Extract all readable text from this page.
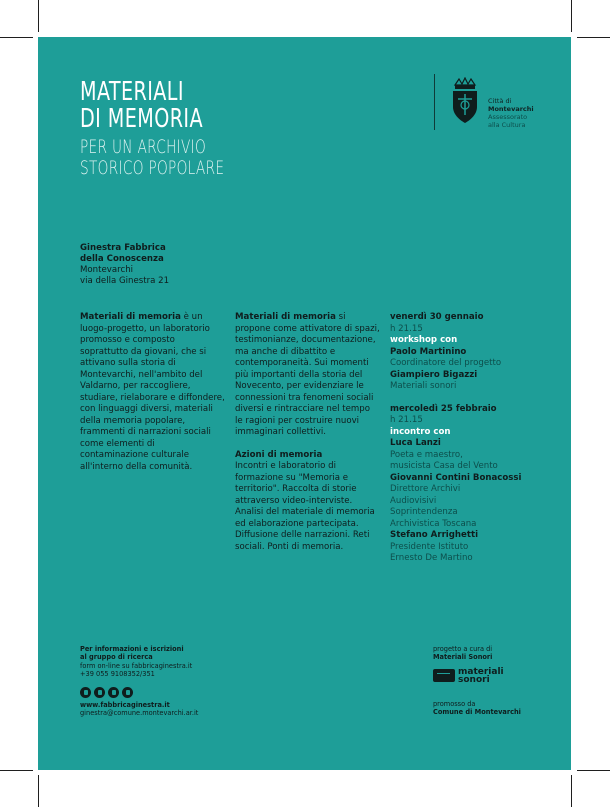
MATERIALI
DI MEMORIA
PER UN ARCHIVIO
STORICO POPOLARE
Città di
Montevarchi
Assessorato
alla Cultura
Ginestra Fabbrica
della Conoscenza
Montevarchi
via della Ginestra 21
Materiali di memoria è un luogo-progetto, un laboratorio promosso e composto soprattutto da giovani, che si attivano sulla storia di Montevarchi, nell'ambito del Valdarno, per raccogliere, studiare, rielaborare e diffondere, con linguaggi diversi, materiali della memoria popolare, frammenti di narrazioni sociali come elementi di contaminazione culturale all'interno della comunità.
Materiali di memoria si propone come attivatore di spazi, testimonianze, documentazione, ma anche di dibattito e contemporaneità. Sui momenti più importanti della storia del Novecento, per evidenziare le connessioni tra fenomeni sociali diversi e rintracciare nel tempo le ragioni per costruire nuovi immaginari collettivi.
Azioni di memoria
Incontri e laboratorio di formazione su "Memoria e territorio". Raccolta di storie attraverso video-interviste. Analisi del materiale di memoria ed elaborazione partecipata. Diffusione delle narrazioni. Reti sociali. Ponti di memoria.
venerdì 30 gennaio
h 21.15
workshop con
Paolo Martinino
Coordinatore del progetto
Giampiero Bigazzi
Materiali sonori
mercoledì 25 febbraio
h 21.15
incontro con
Luca Lanzi
Poeta e maestro,
musicista Casa del Vento
Giovanni Contini Bonacossi
Direttore Archivi
Audiovisivi
Soprintendenza
Archivistica Toscana
Stefano Arrighetti
Presidente Istituto
Ernesto De Martino
Per informazioni e iscrizioni
al gruppo di ricerca
form on-line su fabbricaginestra.it
+39 055 9108352/351
www.fabbricaginestra.it
ginestra@comune.montevarchi.ar.it
progetto a cura di
Materiali Sonori
materiali
sonori
promosso da
Comune di Montevarchi
